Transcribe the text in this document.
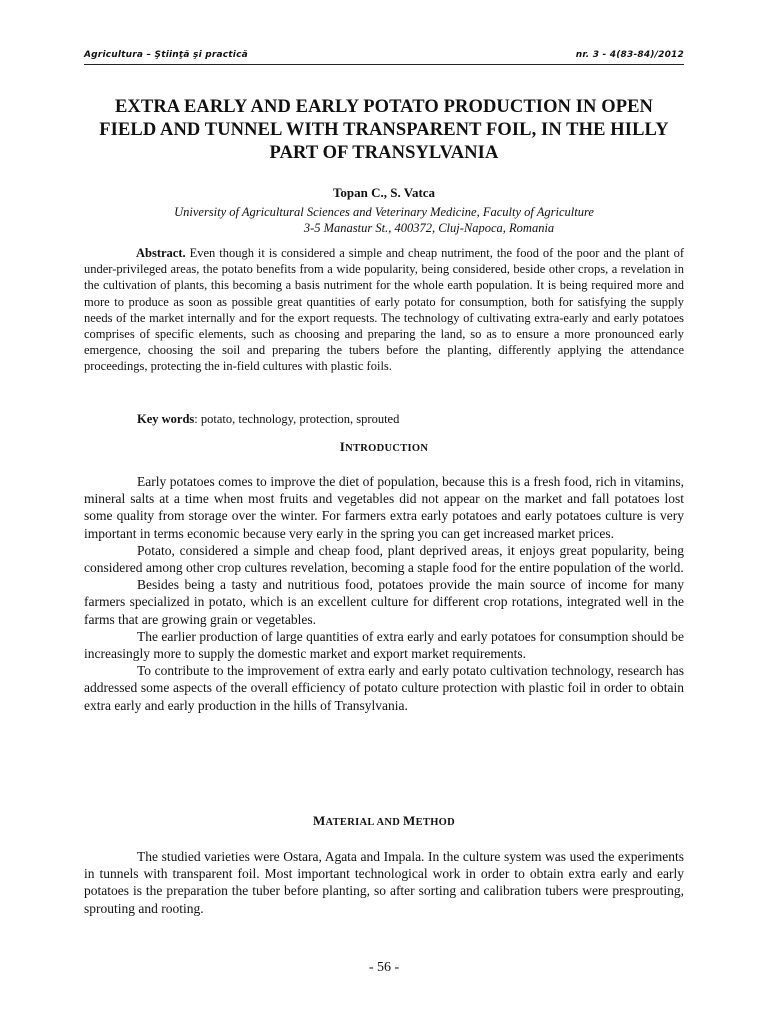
Agricultura – Ştiinţă şi practică	nr. 3 - 4(83-84)/2012
EXTRA EARLY AND EARLY POTATO PRODUCTION IN OPEN FIELD AND TUNNEL WITH TRANSPARENT FOIL, IN THE HILLY PART OF TRANSYLVANIA
Topan C., S. Vatca
University of Agricultural Sciences and Veterinary Medicine, Faculty of Agriculture
3-5 Manastur St., 400372, Cluj-Napoca, Romania

Abstract. Even though it is considered a simple and cheap nutriment, the food of the poor and the plant of under-privileged areas, the potato benefits from a wide popularity, being considered, beside other crops, a revelation in the cultivation of plants, this becoming a basis nutriment for the whole earth population. It is being required more and more to produce as soon as possible great quantities of early potato for consumption, both for satisfying the supply needs of the market internally and for the export requests. The technology of cultivating extra-early and early potatoes comprises of specific elements, such as choosing and preparing the land, so as to ensure a more pronounced early emergence, choosing the soil and preparing the tubers before the planting, differently applying the attendance proceedings, protecting the in-field cultures with plastic foils.

Key words: potato, technology, protection, sprouted

INTRODUCTION

Early potatoes comes to improve the diet of population, because this is a fresh food, rich in vitamins, mineral salts at a time when most fruits and vegetables did not appear on the market and fall potatoes lost some quality from storage over the winter. For farmers extra early potatoes and early potatoes culture is very important in terms economic because very early in the spring you can get increased market prices.

Potato, considered a simple and cheap food, plant deprived areas, it enjoys great popularity, being considered among other crop cultures revelation, becoming a staple food for the entire population of the world.

Besides being a tasty and nutritious food, potatoes provide the main source of income for many farmers specialized in potato, which is an excellent culture for different crop rotations, integrated well in the farms that are growing grain or vegetables.

The earlier production of large quantities of extra early and early potatoes for consumption should be increasingly more to supply the domestic market and export market requirements.

To contribute to the improvement of extra early and early potato cultivation technology, research has addressed some aspects of the overall efficiency of potato culture protection with plastic foil in order to obtain extra early and early production in the hills of Transylvania.

MATERIAL AND METHOD

The studied varieties were Ostara, Agata and Impala. In the culture system was used the experiments in tunnels with transparent foil. Most important technological work in order to obtain extra early and early potatoes is the preparation the tuber before planting, so after sorting and calibration tubers were presprouting, sprouting and rooting.

- 56 -
